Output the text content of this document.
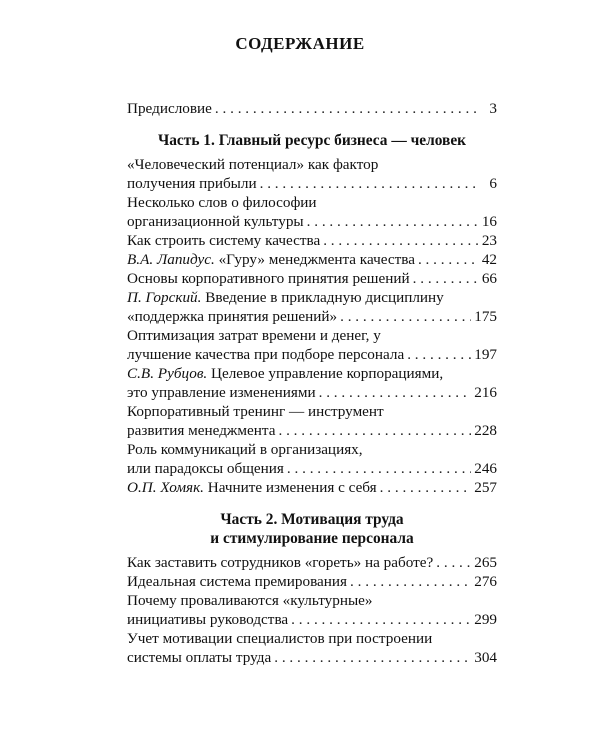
СОДЕРЖАНИЕ
Предисловие . . .	3
Часть 1. Главный ресурс бизнеса — человек
«Человеческий потенциал» как фактор
получения прибыли . . .	6
Несколько слов о философии
организационной культуры . . .	16
Как строить систему качества . . .	23
В.А. Лапидус.
«Гуру» менеджмента качества . . .	42
Основы корпоративного принятия решений . . .	66
П. Горский.
Введение в прикладную дисциплину
«поддержка принятия решений» . . .	175
Оптимизация затрат времени и денег, у
лучшение качества при подборе персонала . . .	197
С.В. Рубцов.
Целевое управление корпорациями,
это управление изменениями . . .	216
Корпоративный тренинг — инструмент
развития менеджмента . . .	228
Роль коммуникаций в организациях,
или парадоксы общения . . .	246
О.П. Хомяк.
Начните изменения с себя . . .	257
Часть 2. Мотивация труда
и стимулирование персонала
Как заставить сотрудников «гореть» на работе? . . .	265
Идеальная система премирования . . .	276
Почему проваливаются «культурные»
инициативы руководства . . .	299
Учет мотивации специалистов при построении
системы оплаты труда . . .	304
